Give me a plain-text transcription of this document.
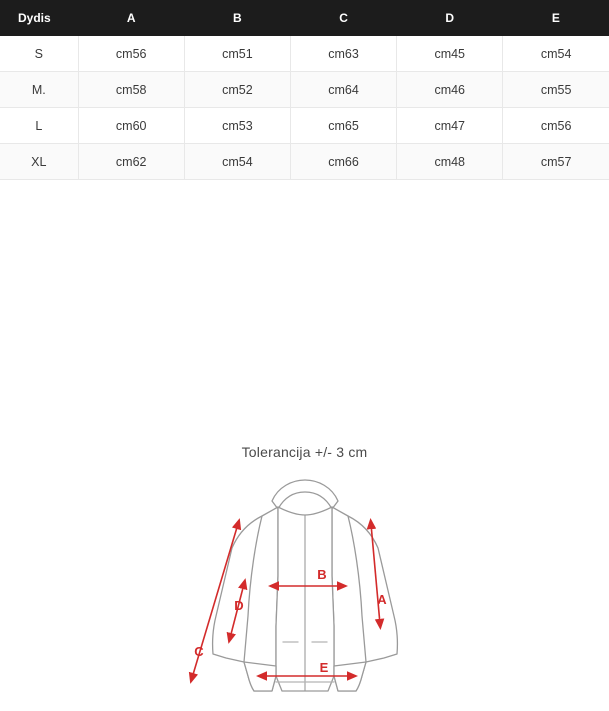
Dydis	A	B	C	D	E
S	cm56	cm51	cm63	cm45	cm54
M.	cm58	cm52	cm64	cm46	cm55
L	cm60	cm53	cm65	cm47	cm56
XL	cm62	cm54	cm66	cm48	cm57
Tolerancija +/- 3 cm
A
B
C
D
E
